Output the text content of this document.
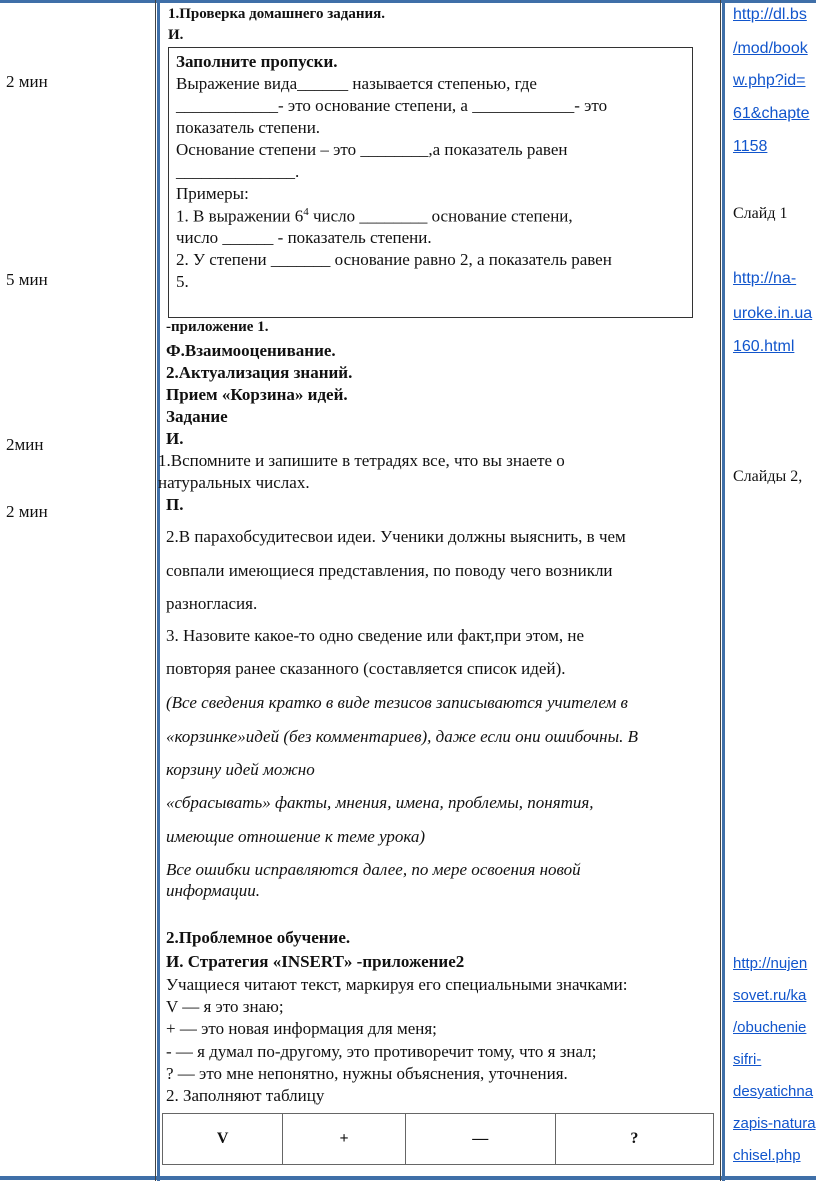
2 мин
5 мин
2мин
2 мин
1.Проверка домашнего задания.
И.
Заполните пропуски.
Выражение вида______ называется степенью, где
____________- это основание степени, а ____________- это
показатель степени.
Основание степени – это ________,а показатель равен
______________.
Примеры:
1. В выражении $6^4$ число ________ основание степени,
число ______ - показатель степени.
2. У степени _______ основание равно 2, а показатель равен
5.
-приложение 1.
Ф.Взаимооценивание.
2.Актуализация знаний.
Прием «Корзина» идей.
Задание
И.
1.Вспомните и запишите в тетрадях все, что вы знаете о
натуральных числах.
П.
2.В парахобсудитесвои идеи. Ученики должны выяснить, в чем
совпали имеющиеся представления, по поводу чего возникли
разногласия.
3. Назовите какое-то одно сведение или факт,при этом, не
повторяя ранее сказанного (составляется список идей).
(Все сведения кратко в виде тезисов записываются учителем в
«корзинке»идей (без комментариев), даже если они ошибочны. В
корзину идей можно
«сбрасывать» факты, мнения, имена, проблемы, понятия,
имеющие отношение к теме урока)
Все ошибки исправляются далее, по мере освоения новой
информации.
2.Проблемное обучение.
И. Стратегия «INSERT» -приложение2
Учащиеся читают текст, маркируя его специальными значками:
V — я это знаю;
+ — это новая информация для меня;
- — я думал по-другому, это противоречит тому, что я знал;
? — это мне непонятно, нужны объяснения, уточнения.
2. Заполняют таблицу
V	+	—	?
http://dl.bs
/mod/book
w.php?id=
61&chapte
1158
Слайд 1
http://na-
uroke.in.ua
160.html
Слайды 2,
http://nujen
sovet.ru/ka
/obuchenie
sifri-
desyatichna
zapis-natura
chisel.php
